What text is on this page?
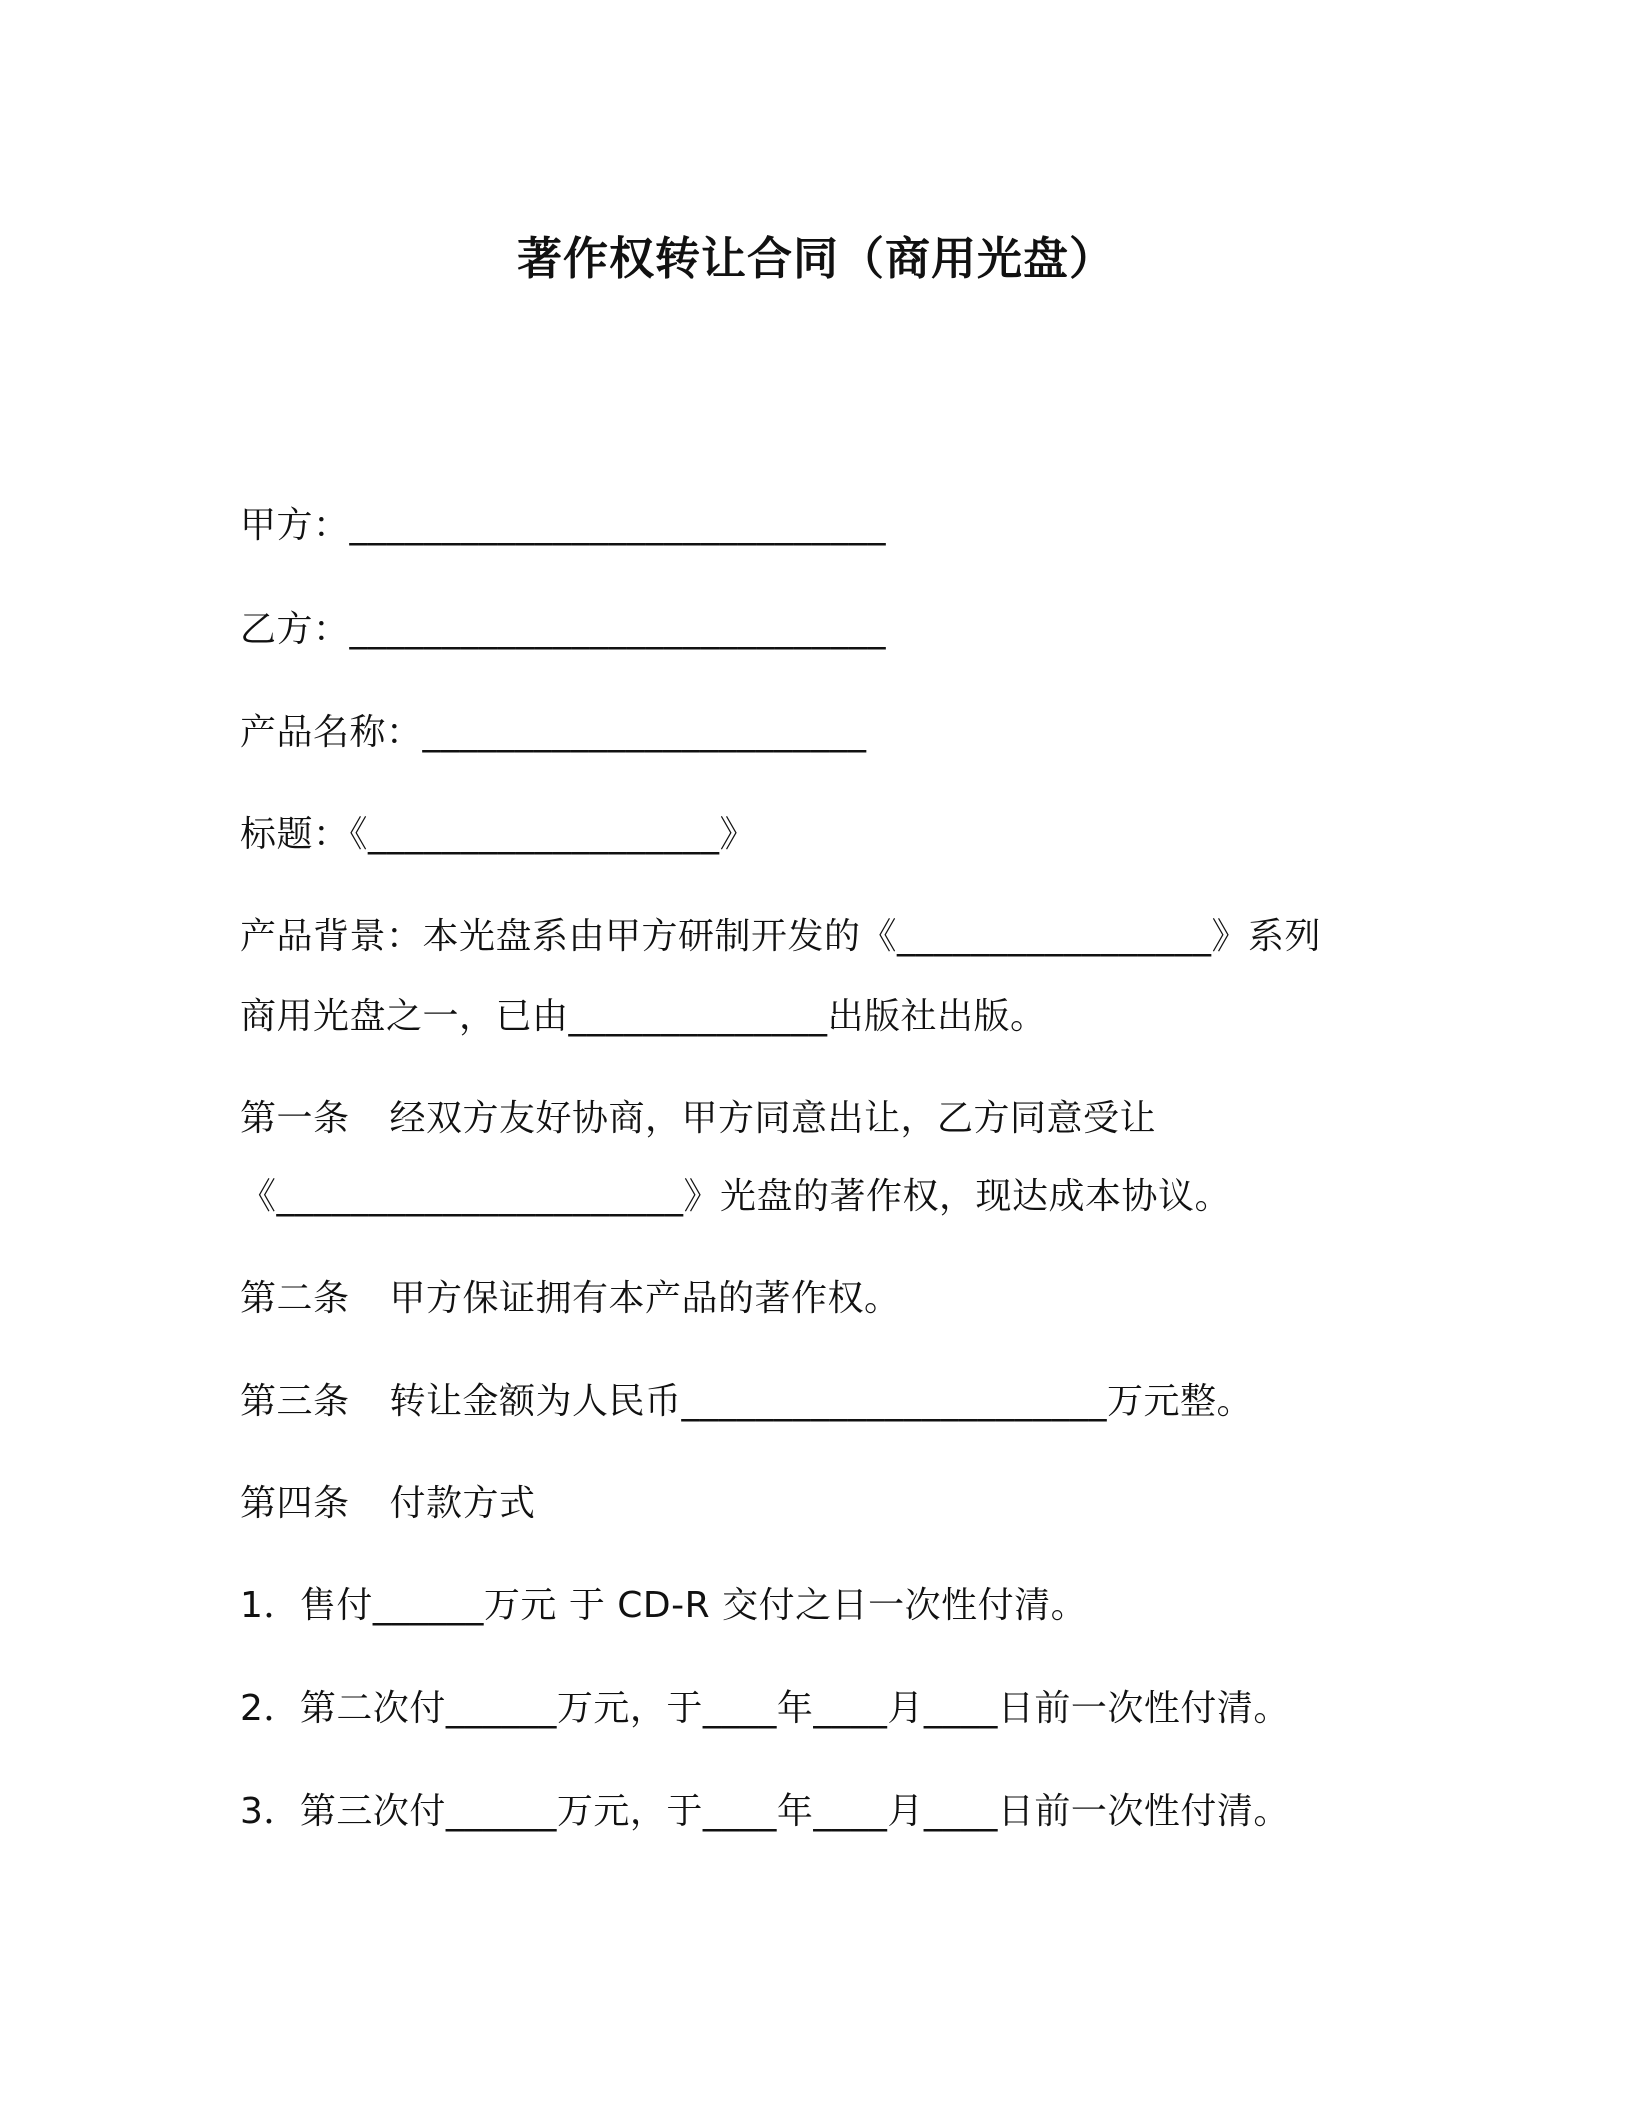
著作权转让合同（商用光盘）
甲方：_____________________________
乙方：_____________________________
产品名称：________________________
标题：《___________________》
产品背景：本光盘系由甲方研制开发的《_________________》系列
商用光盘之一，已由______________出版社出版。
第一条 经双方友好协商，甲方同意出让，乙方同意受让
《______________________》光盘的著作权，现达成本协议。
第二条 甲方保证拥有本产品的著作权。
第三条 转让金额为人民币_______________________万元整。
第四条 付款方式
1．售付______万元 于 CD-R 交付之日一次性付清。
2．第二次付______万元，于____年____月____日前一次性付清。
3．第三次付______万元，于____年____月____日前一次性付清。
